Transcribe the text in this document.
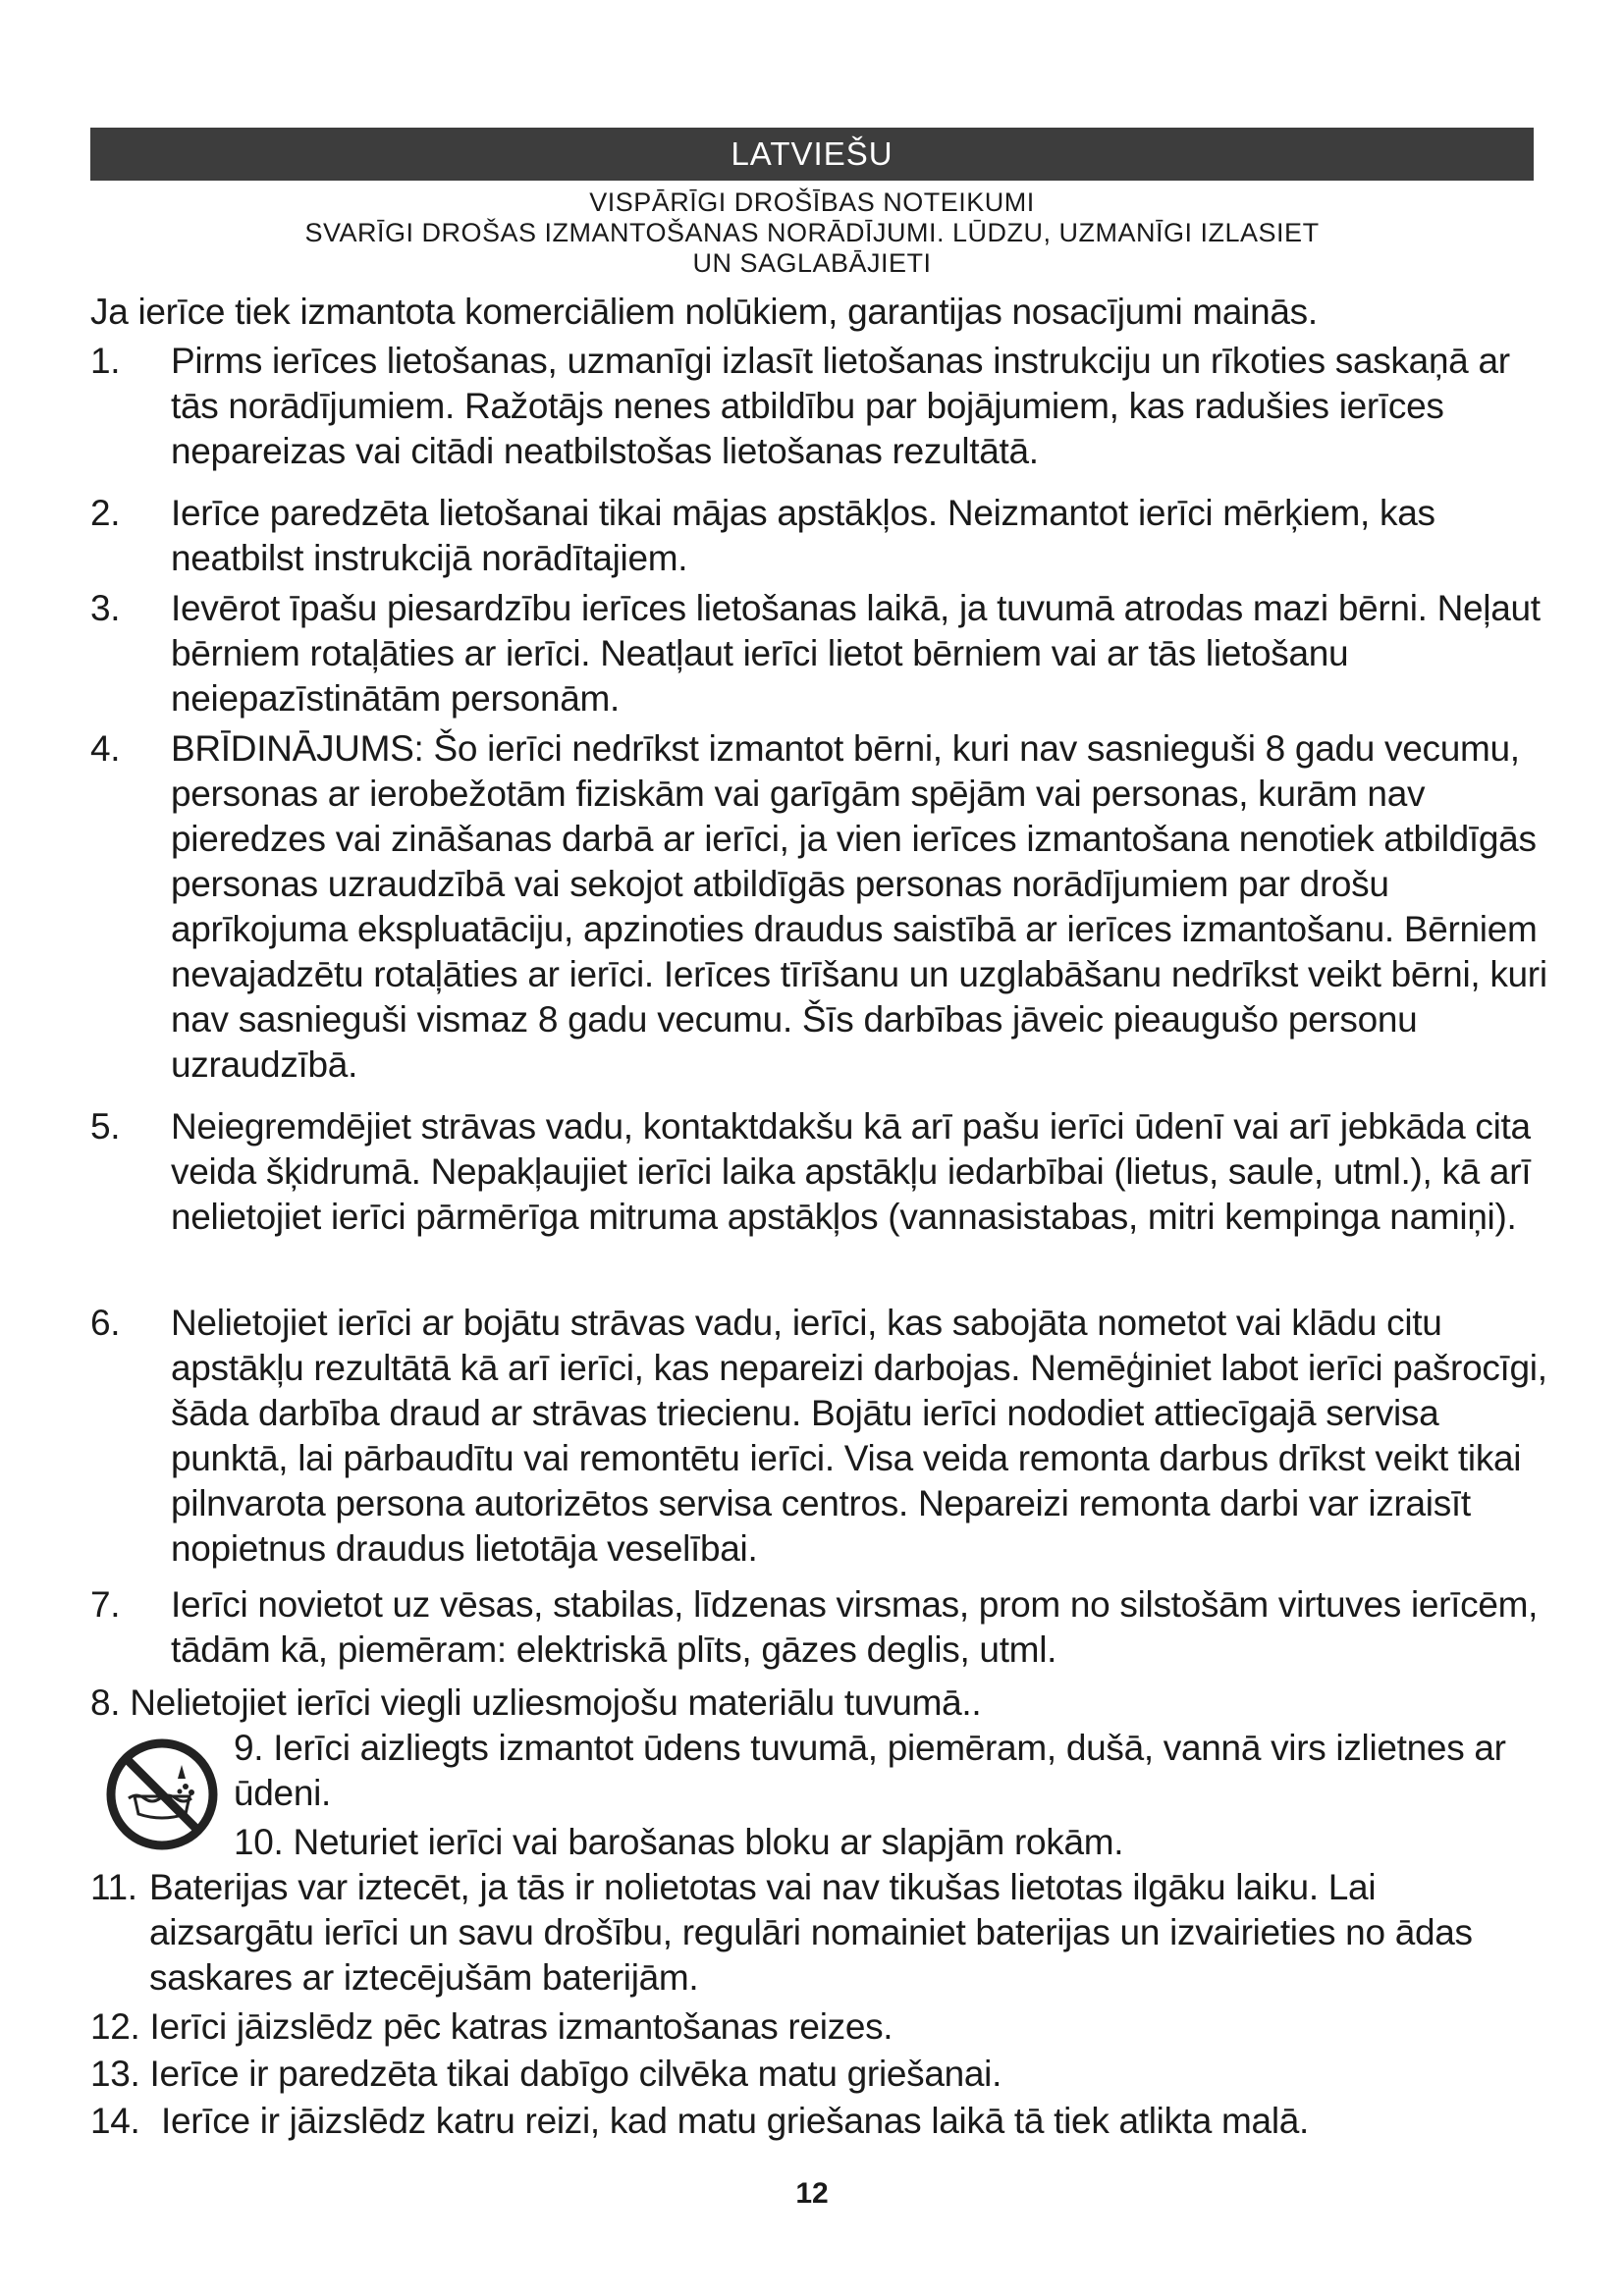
LATVIEŠU
VISPĀRĪGI DROŠĪBAS NOTEIKUMI
SVARĪGI DROŠAS IZMANTOŠANAS NORĀDĪJUMI. LŪDZU, UZMANĪGI IZLASIET
UN SAGLABĀJIETI
Ja ierīce tiek izmantota komerciāliem nolūkiem, garantijas nosacījumi mainās.
1. Pirms ierīces lietošanas, uzmanīgi izlasīt lietošanas instrukciju un rīkoties saskaņā ar tās norādījumiem. Ražotājs nenes atbildību par bojājumiem, kas radušies ierīces nepareizas vai citādi neatbilstošas lietošanas rezultātā.
2. Ierīce paredzēta lietošanai tikai mājas apstākļos. Neizmantot ierīci mērķiem, kas neatbilst instrukcijā norādītajiem.
3. Ievērot īpašu piesardzību ierīces lietošanas laikā, ja tuvumā atrodas mazi bērni. Neļaut bērniem rotaļāties ar ierīci. Neatļaut ierīci lietot bērniem vai ar tās lietošanu neiepazīstinātām personām.
4. BRĪDINĀJUMS: Šo ierīci nedrīkst izmantot bērni, kuri nav sasnieguši 8 gadu vecumu, personas ar ierobežotām fiziskām vai garīgām spējām vai personas, kurām nav pieredzes vai zināšanas darbā ar ierīci, ja vien ierīces izmantošana nenotiek atbildīgās personas uzraudzībā vai sekojot atbildīgās personas norādījumiem par drošu aprīkojuma ekspluatāciju, apzinoties draudus saistībā ar ierīces izmantošanu. Bērniem nevajadzētu rotaļāties ar ierīci. Ierīces tīrīšanu un uzglabāšanu nedrīkst veikt bērni, kuri nav sasnieguši vismaz 8 gadu vecumu. Šīs darbības jāveic pieaugušo personu uzraudzībā.
5. Neiegremdējiet strāvas vadu, kontaktdakšu kā arī pašu ierīci ūdenī vai arī jebkāda cita veida šķidrumā. Nepakļaujiet ierīci laika apstākļu iedarbībai (lietus, saule, utml.), kā arī nelietojiet ierīci pārmērīga mitruma apstākļos (vannasistabas, mitri kempinga namiņi).
6. Nelietojiet ierīci ar bojātu strāvas vadu, ierīci, kas sabojāta nometot vai klādu citu apstākļu rezultātā kā arī ierīci, kas nepareizi darbojas. Nemēģiniet labot ierīci pašrocīgi, šāda darbība draud ar strāvas triecienu. Bojātu ierīci nododiet attiecīgajā servisa punktā, lai pārbaudītu vai remontētu ierīci. Visa veida remonta darbus drīkst veikt tikai pilnvarota persona autorizētos servisa centros. Nepareizi remonta darbi var izraisīt nopietnus draudus lietotāja veselībai.
7. Ierīci novietot uz vēsas, stabilas, līdzenas virsmas, prom no silstošām virtuves ierīcēm, tādām kā, piemēram: elektriskā plīts, gāzes deglis, utml.
8. Nelietojiet ierīci viegli uzliesmojošu materiālu tuvumā..
9. Ierīci aizliegts izmantot ūdens tuvumā, piemēram, dušā, vannā virs izlietnes ar ūdeni.
10. Neturiet ierīci vai barošanas bloku ar slapjām rokām.
11. Baterijas var iztecēt, ja tās ir nolietotas vai nav tikušas lietotas ilgāku laiku. Lai aizsargātu ierīci un savu drošību, regulāri nomainiet baterijas un izvairieties no ādas saskares ar iztecējušām baterijām.
12. Ierīci jāizslēdz pēc katras izmantošanas reizes.
13. Ierīce ir paredzēta tikai dabīgo cilvēka matu griešanai.
14. Ierīce ir jāizslēdz katru reizi, kad matu griešanas laikā tā tiek atlikta malā.
12
